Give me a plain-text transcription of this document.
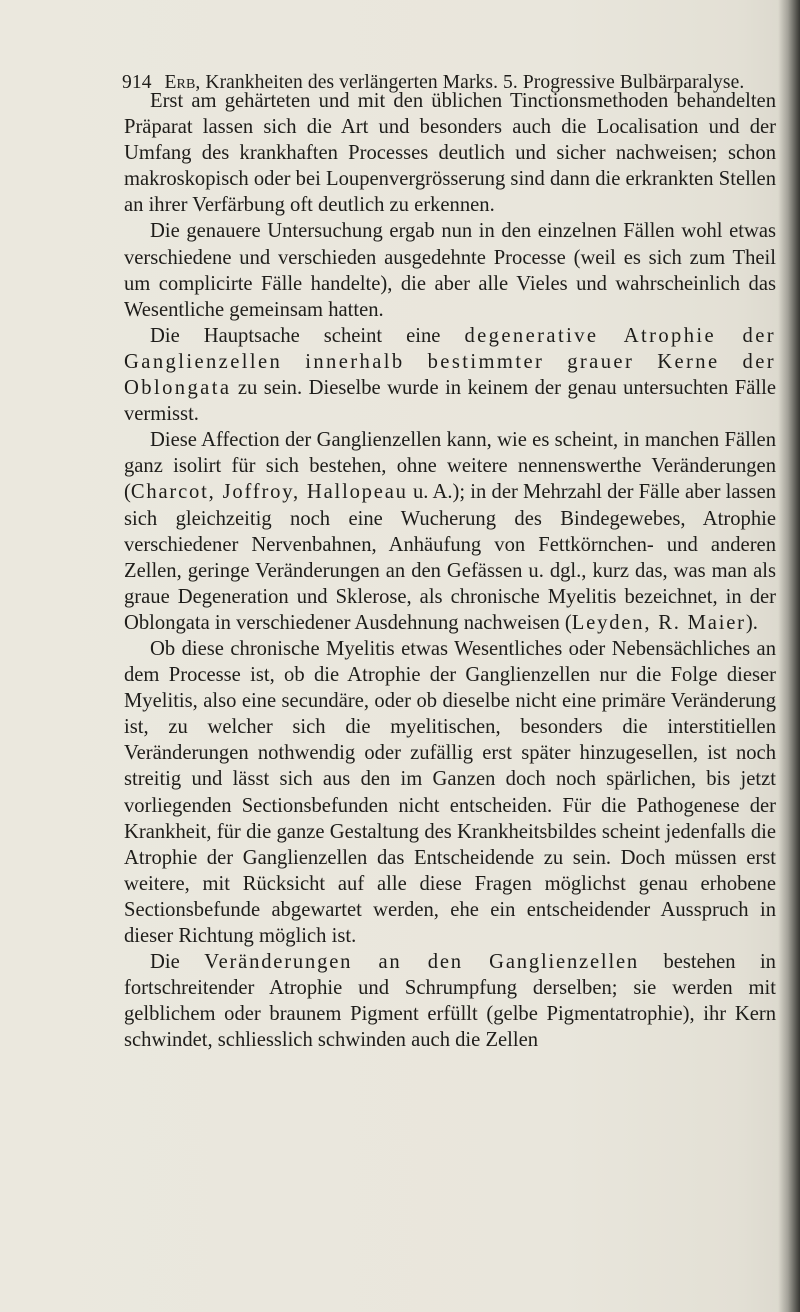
914 Erb, Krankheiten des verlängerten Marks. 5. Progressive Bulbärparalyse.

Erst am gehärteten und mit den üblichen Tinctionsmethoden behandelten Präparat lassen sich die Art und besonders auch die Localisation und der Umfang des krankhaften Processes deutlich und sicher nachweisen; schon makroskopisch oder bei Loupenvergrösserung sind dann die erkrankten Stellen an ihrer Verfärbung oft deutlich zu erkennen.

Die genauere Untersuchung ergab nun in den einzelnen Fällen wohl etwas verschiedene und verschieden ausgedehnte Processe (weil es sich zum Theil um complicirte Fälle handelte), die aber alle Vieles und wahrscheinlich das Wesentliche gemeinsam hatten.

Die Hauptsache scheint eine degenerative Atrophie der Ganglienzellen innerhalb bestimmter grauer Kerne der Oblongata zu sein. Dieselbe wurde in keinem der genau untersuchten Fälle vermisst.

Diese Affection der Ganglienzellen kann, wie es scheint, in manchen Fällen ganz isolirt für sich bestehen, ohne weitere nennenswerthe Veränderungen (Charcot, Joffroy, Hallopeau u. A.); in der Mehrzahl der Fälle aber lassen sich gleichzeitig noch eine Wucherung des Bindegewebes, Atrophie verschiedener Nervenbahnen, Anhäufung von Fettkörnchen- und anderen Zellen, geringe Veränderungen an den Gefässen u. dgl., kurz das, was man als graue Degeneration und Sklerose, als chronische Myelitis bezeichnet, in der Oblongata in verschiedener Ausdehnung nachweisen (Leyden, R. Maier).

Ob diese chronische Myelitis etwas Wesentliches oder Nebensächliches an dem Processe ist, ob die Atrophie der Ganglienzellen nur die Folge dieser Myelitis, also eine secundäre, oder ob dieselbe nicht eine primäre Veränderung ist, zu welcher sich die myelitischen, besonders die interstitiellen Veränderungen nothwendig oder zufällig erst später hinzugesellen, ist noch streitig und lässt sich aus den im Ganzen doch noch spärlichen, bis jetzt vorliegenden Sectionsbefunden nicht entscheiden. Für die Pathogenese der Krankheit, für die ganze Gestaltung des Krankheitsbildes scheint jedenfalls die Atrophie der Ganglienzellen das Entscheidende zu sein. Doch müssen erst weitere, mit Rücksicht auf alle diese Fragen möglichst genau erhobene Sectionsbefunde abgewartet werden, ehe ein entscheidender Ausspruch in dieser Richtung möglich ist.

Die Veränderungen an den Ganglienzellen bestehen in fortschreitender Atrophie und Schrumpfung derselben; sie werden mit gelblichem oder braunem Pigment erfüllt (gelbe Pigmentatrophie), ihr Kern schwindet, schliesslich schwinden auch die Zellen
